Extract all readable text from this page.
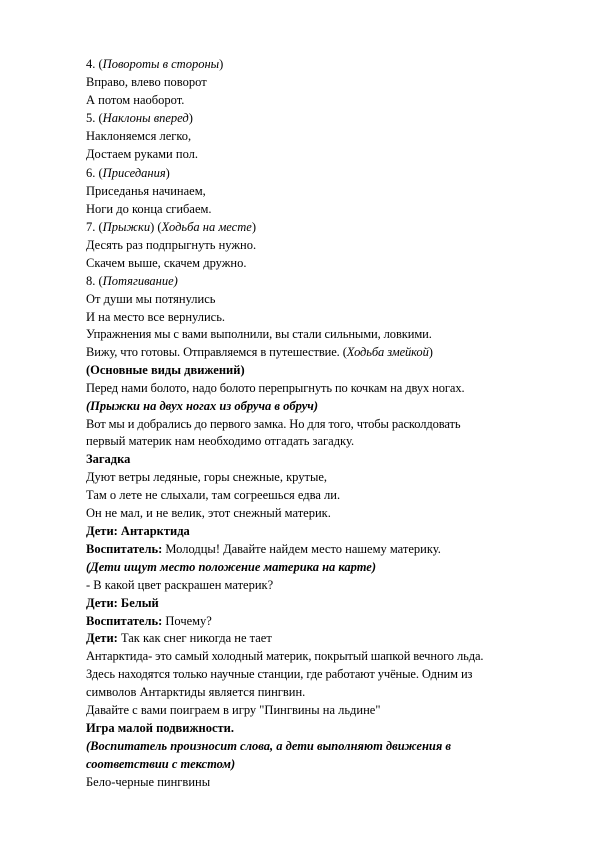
4. (Повороты в стороны)
Вправо, влево поворот
А потом наоборот.
5. (Наклоны вперед)
Наклоняемся легко,
Достаем руками пол.
6. (Приседания)
Приседанья начинаем,
Ноги до конца сгибаем.
7. (Прыжки) (Ходьба на месте)
Десять раз подпрыгнуть нужно.
Скачем выше, скачем дружно.
8. (Потягивание)
От души мы потянулись
И на место все вернулись.
Упражнения мы с вами выполнили, вы стали сильными, ловкими.
Вижу, что готовы. Отправляемся в путешествие. (Ходьба змейкой)
(Основные виды движений)
Перед нами болото, надо болото перепрыгнуть по кочкам на двух ногах.
(Прыжки на двух ногах из обруча в обруч)
Вот мы и добрались до первого замка. Но для того, чтобы расколдовать
первый материк нам необходимо отгадать загадку.
Загадка
Дуют ветры ледяные, горы снежные, крутые,
Там о лете не слыхали, там согреешься едва ли.
Он не мал, и не велик, этот снежный материк.
Дети: Антарктида
Воспитатель: Молодцы! Давайте найдем место нашему материку.
(Дети ищут место положение материка на карте)
- В какой цвет раскрашен материк?
Дети: Белый
Воспитатель: Почему?
Дети: Так как снег никогда не тает
Антарктида- это самый холодный материк, покрытый шапкой вечного льда.
Здесь находятся только научные станции, где работают учёные. Одним из
символов Антарктиды является пингвин.
Давайте с вами поиграем в игру "Пингвины на льдине"
Игра малой подвижности.
(Воспитатель произносит слова, а дети выполняют движения в соответствии с текстом)
Бело-черные пингвины
